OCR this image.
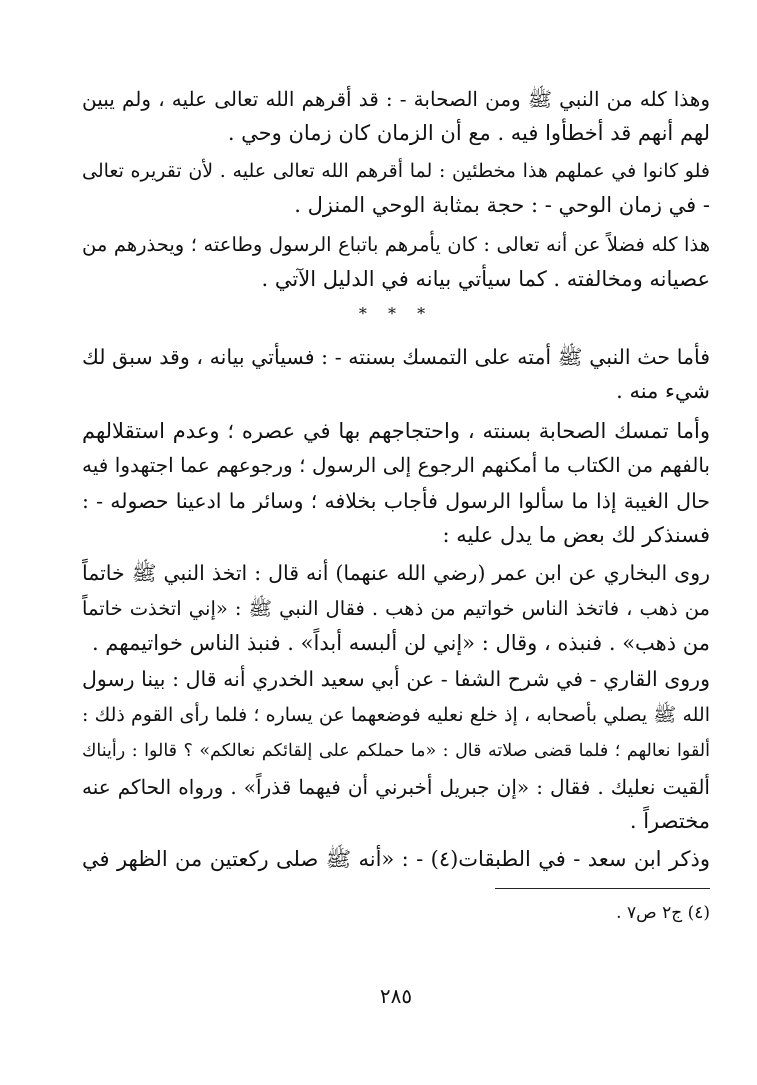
وهذا كله من النبي ﷺ ومن الصحابة - : قد أقرهم الله تعالى عليه ، ولم يبين
لهم أنهم قد أخطأوا فيه . مع أن الزمان كان زمان وحي .
فلو كانوا في عملهم هذا مخطئين : لما أقرهم الله تعالى عليه . لأن تقريره تعالى
- في زمان الوحي - : حجة بمثابة الوحي المنزل .
هذا كله فضلاً عن أنه تعالى : كان يأمرهم باتباع الرسول وطاعته ؛ ويحذرهم من
عصيانه ومخالفته . كما سيأتي بيانه في الدليل الآتي .
* * *
فأما حث النبي ﷺ أمته على التمسك بسنته - : فسيأتي بيانه ، وقد سبق لك
شيء منه .
وأما تمسك الصحابة بسنته ، واحتجاجهم بها في عصره ؛ وعدم استقلالهم
بالفهم من الكتاب ما أمكنهم الرجوع إلى الرسول ؛ ورجوعهم عما اجتهدوا فيه
حال الغيبة إذا ما سألوا الرسول فأجاب بخلافه ؛ وسائر ما ادعينا حصوله - :
فسنذكر لك بعض ما يدل عليه :
روى البخاري عن ابن عمر (رضي الله عنهما) أنه قال : اتخذ النبي ﷺ خاتماً
من ذهب ، فاتخذ الناس خواتيم من ذهب . فقال النبي ﷺ : «إني اتخذت خاتماً
من ذهب» . فنبذه ، وقال : «إني لن ألبسه أبداً» . فنبذ الناس خواتيمهم .
وروى القاري - في شرح الشفا - عن أبي سعيد الخدري أنه قال : بينا رسول
الله ﷺ يصلي بأصحابه ، إذ خلع نعليه فوضعهما عن يساره ؛ فلما رأى القوم ذلك :
ألقوا نعالهم ؛ فلما قضى صلاته قال : «ما حملكم على إلقائكم نعالكم» ؟ قالوا : رأيناك
ألقيت نعليك . فقال : «إن جبريل أخبرني أن فيهما قذراً» . ورواه الحاكم عنه
مختصراً .
وذكر ابن سعد - في الطبقات(٤) - : «أنه ﷺ صلى ركعتين من الظهر في
(٤) ج٢ ص٧ .
٢٨٥
